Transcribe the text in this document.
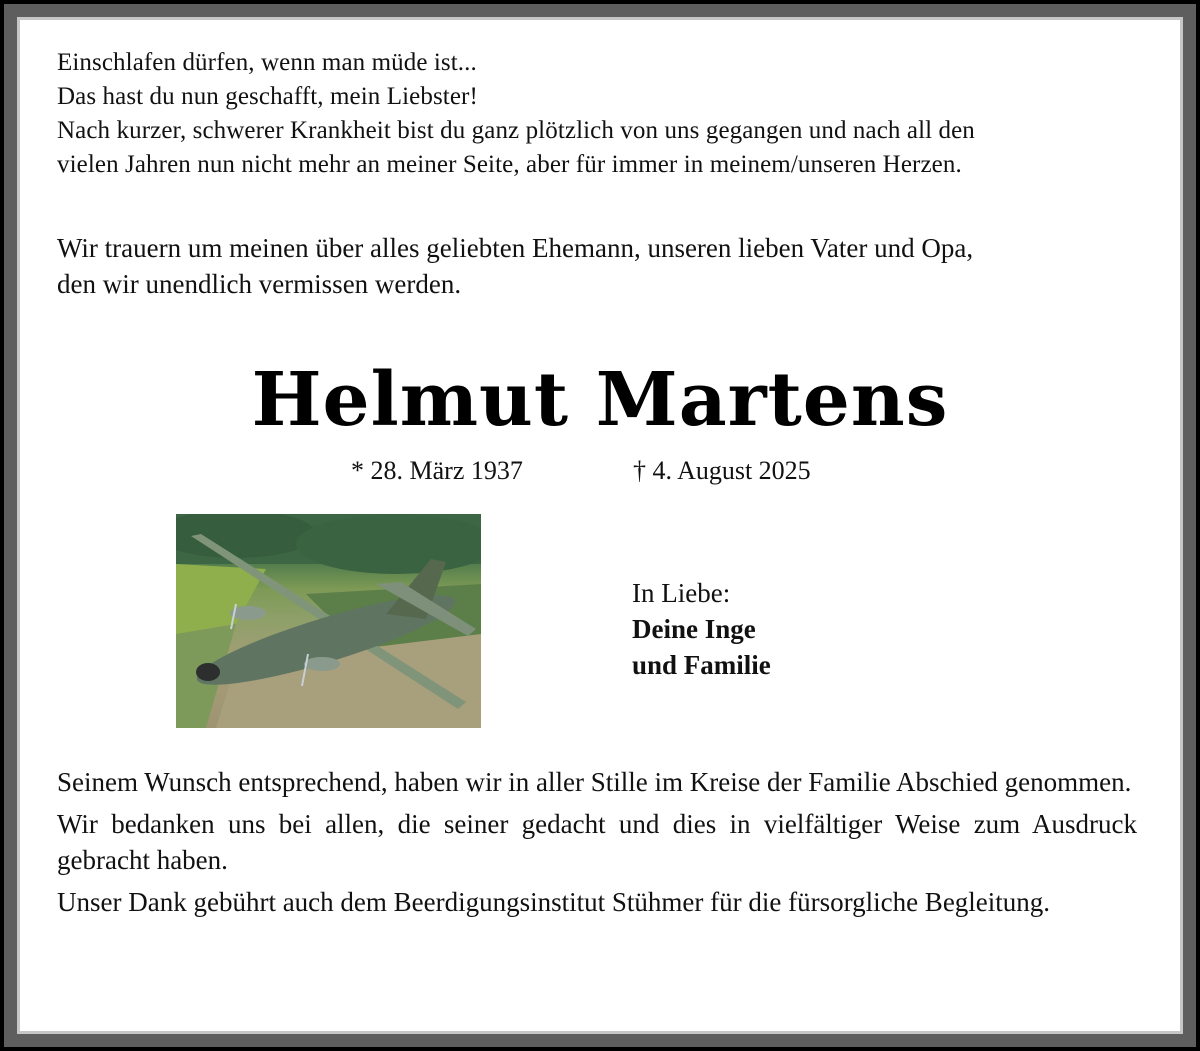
Einschlafen dürfen, wenn man müde ist...
Das hast du nun geschafft, mein Liebster!
Nach kurzer, schwerer Krankheit bist du ganz plötzlich von uns gegangen und nach all den
vielen Jahren nun nicht mehr an meiner Seite, aber für immer in meinem/unseren Herzen.
Wir trauern um meinen über alles geliebten Ehemann, unseren lieben Vater und Opa,
den wir unendlich vermissen werden.
Helmut Martens
* 28. März 1937	† 4. August 2025
In Liebe:
Deine Inge
und Familie

Seinem Wunsch entsprechend, haben wir in aller Stille im Kreise der Familie Abschied genommen.

Wir bedanken uns bei allen, die seiner gedacht und dies in vielfältiger Weise zum Ausdruck gebracht haben.

Unser Dank gebührt auch dem Beerdigungsinstitut Stühmer für die fürsorgliche Begleitung.
